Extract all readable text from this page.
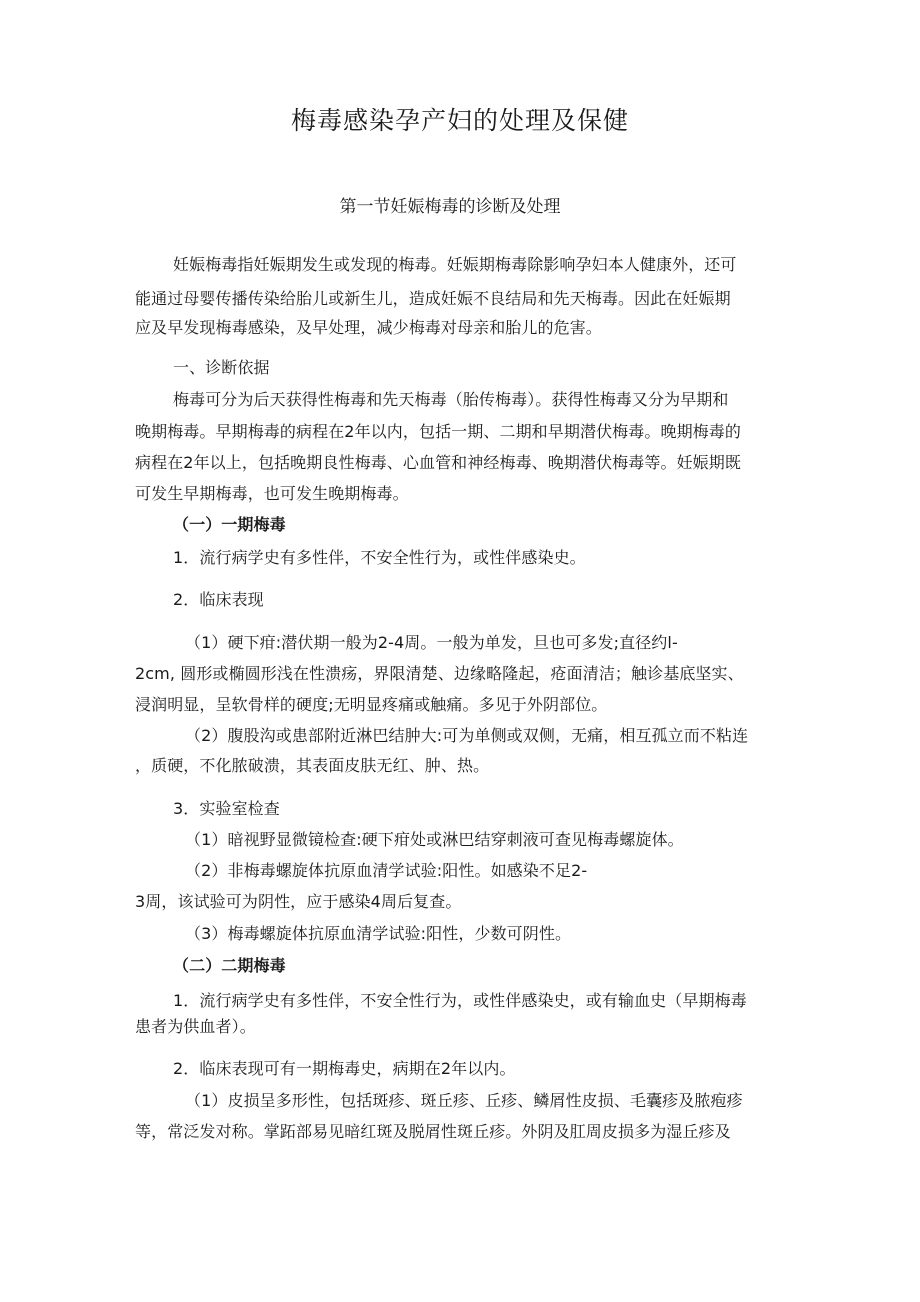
梅毒感染孕产妇的处理及保健
第一节妊娠梅毒的诊断及处理
妊娠梅毒指妊娠期发生或发现的梅毒。妊娠期梅毒除影响孕妇本人健康外，还可
能通过母婴传播传染给胎儿或新生儿，造成妊娠不良结局和先天梅毒。因此在妊娠期
应及早发现梅毒感染，及早处理，减少梅毒对母亲和胎儿的危害。
一、诊断依据
梅毒可分为后天获得性梅毒和先天梅毒（胎传梅毒）。获得性梅毒又分为早期和
晚期梅毒。早期梅毒的病程在2年以内，包括一期、二期和早期潜伏梅毒。晚期梅毒的
病程在2年以上，包括晚期良性梅毒、心血管和神经梅毒、晚期潜伏梅毒等。妊娠期既
可发生早期梅毒，也可发生晚期梅毒。
（一）一期梅毒
1．流行病学史有多性伴，不安全性行为，或性伴感染史。
2．临床表现
（1）硬下疳:潜伏期一般为2-4周。一般为单发，旦也可多发;直径约l-
2cm, 圆形或椭圆形浅在性溃疡，界限清楚、边缘略隆起，疮面清洁；触诊基底坚实、
浸润明显，呈软骨样的硬度;无明显疼痛或触痛。多见于外阴部位。
（2）腹股沟或患部附近淋巴结肿大:可为单侧或双侧，无痛，相互孤立而不粘连
，质硬，不化脓破溃，其表面皮肤无红、肿、热。
3．实验室检查
（1）暗视野显微镜检查:硬下疳处或淋巴结穿刺液可查见梅毒螺旋体。
（2）非梅毒螺旋体抗原血清学试验:阳性。如感染不足2-
3周，该试验可为阴性，应于感染4周后复查。
（3）梅毒螺旋体抗原血清学试验:阳性，少数可阴性。
（二）二期梅毒
1．流行病学史有多性伴，不安全性行为，或性伴感染史，或有输血史（早期梅毒
患者为供血者）。
2．临床表现可有一期梅毒史，病期在2年以内。
（1）皮损呈多形性，包括斑疹、斑丘疹、丘疹、鳞屑性皮损、毛囊疹及脓疱疹
等，常泛发对称。掌跖部易见暗红斑及脱屑性斑丘疹。外阴及肛周皮损多为湿丘疹及
